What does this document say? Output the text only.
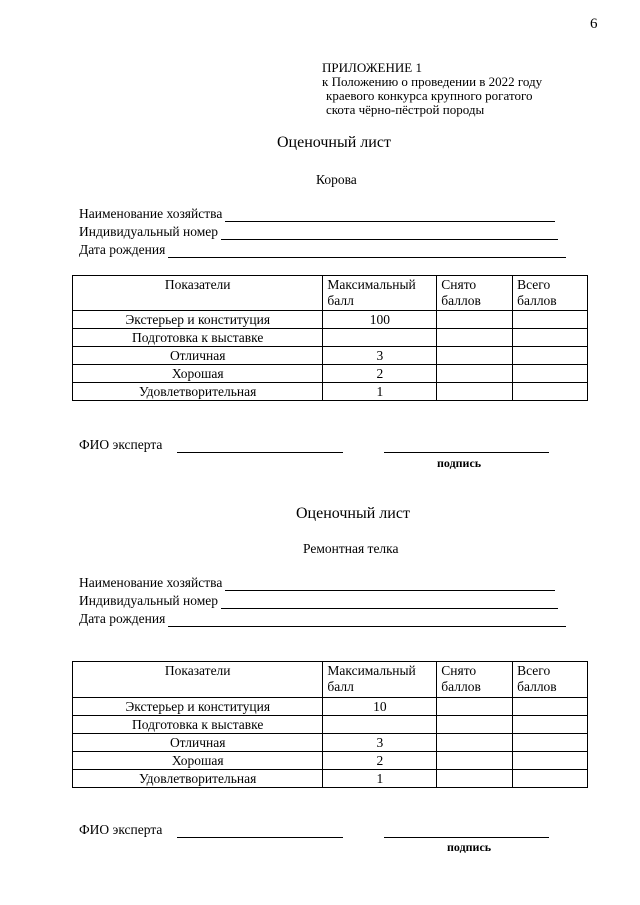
6
ПРИЛОЖЕНИЕ 1
к Положению о проведении в 2022 году
краевого конкурса крупного рогатого
скота чёрно-пёстрой породы
Оценочный лист
Корова
Наименование хозяйства
Индивидуальный номер
Дата рождения
Показатели	Максимальный балл	Снято баллов	Всего баллов
Экстерьер и конституция	100		
Подготовка к выставке			
Отличная	3		
Хорошая	2		
Удовлетворительная	1		
ФИО эксперта
подпись
Оценочный лист
Ремонтная телка
Наименование хозяйства
Индивидуальный номер
Дата рождения
Показатели	Максимальный балл	Снято баллов	Всего баллов
Экстерьер и конституция	10		
Подготовка к выставке			
Отличная	3		
Хорошая	2		
Удовлетворительная	1		
ФИО эксперта
подпись
